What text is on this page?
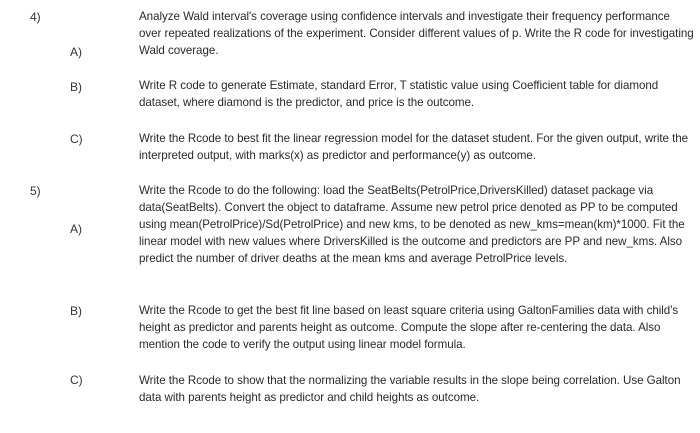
4)
A)
Analyze Wald interval's coverage using confidence intervals and investigate their frequency performance over repeated realizations of the experiment. Consider different values of p. Write the R code for investigating Wald coverage.
B)	Write R code to generate Estimate, standard Error, T statistic value using Coefficient table for diamond dataset, where diamond is the predictor, and price is the outcome.
C)	Write the Rcode to best fit the linear regression model for the dataset student. For the given output, write the interpreted output, with marks(x) as predictor and performance(y) as outcome.
5)
A)
Write the Rcode to do the following: load the SeatBelts(PetrolPrice,DriversKilled) dataset package via data(SeatBelts). Convert the object to dataframe. Assume new petrol price denoted as PP to be computed using mean(PetrolPrice)/Sd(PetrolPrice) and new kms, to be denoted as new_kms=mean(km)*1000. Fit the linear model with new values where DriversKilled is the outcome and predictors are PP and new_kms. Also predict the number of driver deaths at the mean kms and average PetrolPrice levels.
B)	Write the Rcode to get the best fit line based on least square criteria using GaltonFamilies data with child's height as predictor and parents height as outcome. Compute the slope after re-centering the data. Also mention the code to verify the output using linear model formula.
C)	Write the Rcode to show that the normalizing the variable results in the slope being correlation. Use Galton data with parents height as predictor and child heights as outcome.
